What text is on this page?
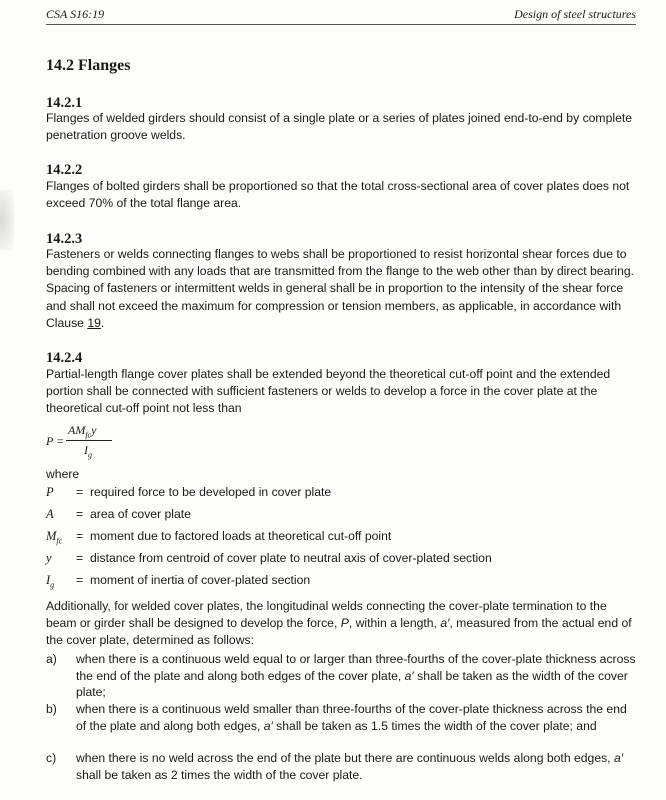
CSA S16:19	Design of steel structures
14.2 Flanges
14.2.1
Flanges of welded girders should consist of a single plate or a series of plates joined end-to-end by complete penetration groove welds.
14.2.2
Flanges of bolted girders shall be proportioned so that the total cross-sectional area of cover plates does not exceed 70% of the total flange area.
14.2.3
Fasteners or welds connecting flanges to webs shall be proportioned to resist horizontal shear forces due to bending combined with any loads that are transmitted from the flange to the web other than by direct bearing. Spacing of fasteners or intermittent welds in general shall be in proportion to the intensity of the shear force and shall not exceed the maximum for compression or tension members, as applicable, in accordance with Clause 19.
14.2.4
Partial-length flange cover plates shall be extended beyond the theoretical cut-off point and the extended portion shall be connected with sufficient fasteners or welds to develop a force in the cover plate at the theoretical cut-off point not less than
P =
$AM_{fc}y$
$I_g$
where
P	= required force to be developed in cover plate
A	= area of cover plate
$M_{fc}$	= moment due to factored loads at theoretical cut-off point
y	= distance from centroid of cover plate to neutral axis of cover-plated section
$I_g$	= moment of inertia of cover-plated section
Additionally, for welded cover plates, the longitudinal welds connecting the cover-plate termination to the beam or girder shall be designed to develop the force, P, within a length, a′, measured from the actual end of the cover plate, determined as follows:
a) when there is a continuous weld equal to or larger than three-fourths of the cover-plate thickness across the end of the plate and along both edges of the cover plate, a′ shall be taken as the width of the cover plate;
b) when there is a continuous weld smaller than three-fourths of the cover-plate thickness across the end of the plate and along both edges, a′ shall be taken as 1.5 times the width of the cover plate; and
c) when there is no weld across the end of the plate but there are continuous welds along both edges, a′ shall be taken as 2 times the width of the cover plate.
